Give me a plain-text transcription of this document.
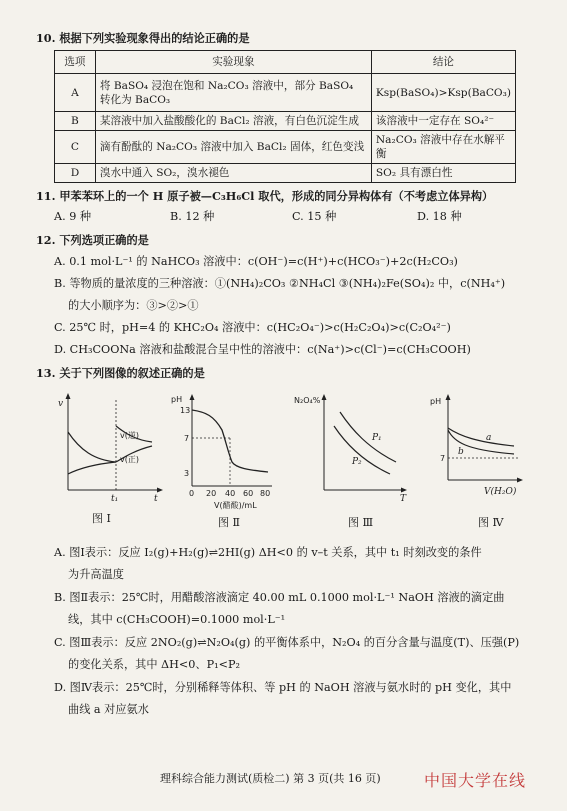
10. 根据下列实验现象得出的结论正确的是
选项	实验现象	结论
A	将 BaSO₄ 浸泡在饱和 Na₂CO₃ 溶液中，部分 BaSO₄ 转化为 BaCO₃	Ksp(BaSO₄)>Ksp(BaCO₃)
B	某溶液中加入盐酸酸化的 BaCl₂ 溶液，有白色沉淀生成	该溶液中一定存在 SO₄²⁻
C	滴有酚酞的 Na₂CO₃ 溶液中加入 BaCl₂ 固体，红色变浅	Na₂CO₃ 溶液中存在水解平衡
D	溴水中通入 SO₂，溴水褪色	SO₂ 具有漂白性
11. 甲苯苯环上的一个 H 原子被—C₃H₆Cl 取代，形成的同分异构体有（不考虑立体异构）
A. 9 种	B. 12 种	C. 15 种	D. 18 种
12. 下列选项正确的是
A. 0.1 mol·L⁻¹ 的 NaHCO₃ 溶液中：c(OH⁻)=c(H⁺)+c(HCO₃⁻)+2c(H₂CO₃)
B. 等物质的量浓度的三种溶液：①(NH₄)₂CO₃ ②NH₄Cl ③(NH₄)₂Fe(SO₄)₂ 中，c(NH₄⁺)
的大小顺序为：③>②>①
C. 25℃ 时，pH=4 的 KHC₂O₄ 溶液中：c(HC₂O₄⁻)>c(H₂C₂O₄)>c(C₂O₄²⁻)
D. CH₃COONa 溶液和盐酸混合呈中性的溶液中：c(Na⁺)>c(Cl⁻)=c(CH₃COOH)
13. 关于下列图像的叙述正确的是
v
t
t₁
v(逆)
v(正)
图 Ⅰ
pH
13
7
3
0 20 40 60 80
V(醋酸)/mL
图 Ⅱ
N₂O₄%
T
P₁
P₂
图 Ⅲ
pH
V(H₂O)
a
b
7
图 Ⅳ
A. 图Ⅰ表示：反应 I₂(g)+H₂(g)⇌2HI(g) ΔH<0 的 v–t 关系，其中 t₁ 时刻改变的条件
为升高温度
B. 图Ⅱ表示：25℃时，用醋酸溶液滴定 40.00 mL 0.1000 mol·L⁻¹ NaOH 溶液的滴定曲
线，其中 c(CH₃COOH)=0.1000 mol·L⁻¹
C. 图Ⅲ表示：反应 2NO₂(g)⇌N₂O₄(g) 的平衡体系中，N₂O₄ 的百分含量与温度(T)、压强(P)
的变化关系，其中 ΔH<0、P₁<P₂
D. 图Ⅳ表示：25℃时，分别稀释等体积、等 pH 的 NaOH 溶液与氨水时的 pH 变化，其中
曲线 a 对应氨水
理科综合能力测试(质检二) 第 3 页(共 16 页)	中国大学在线
